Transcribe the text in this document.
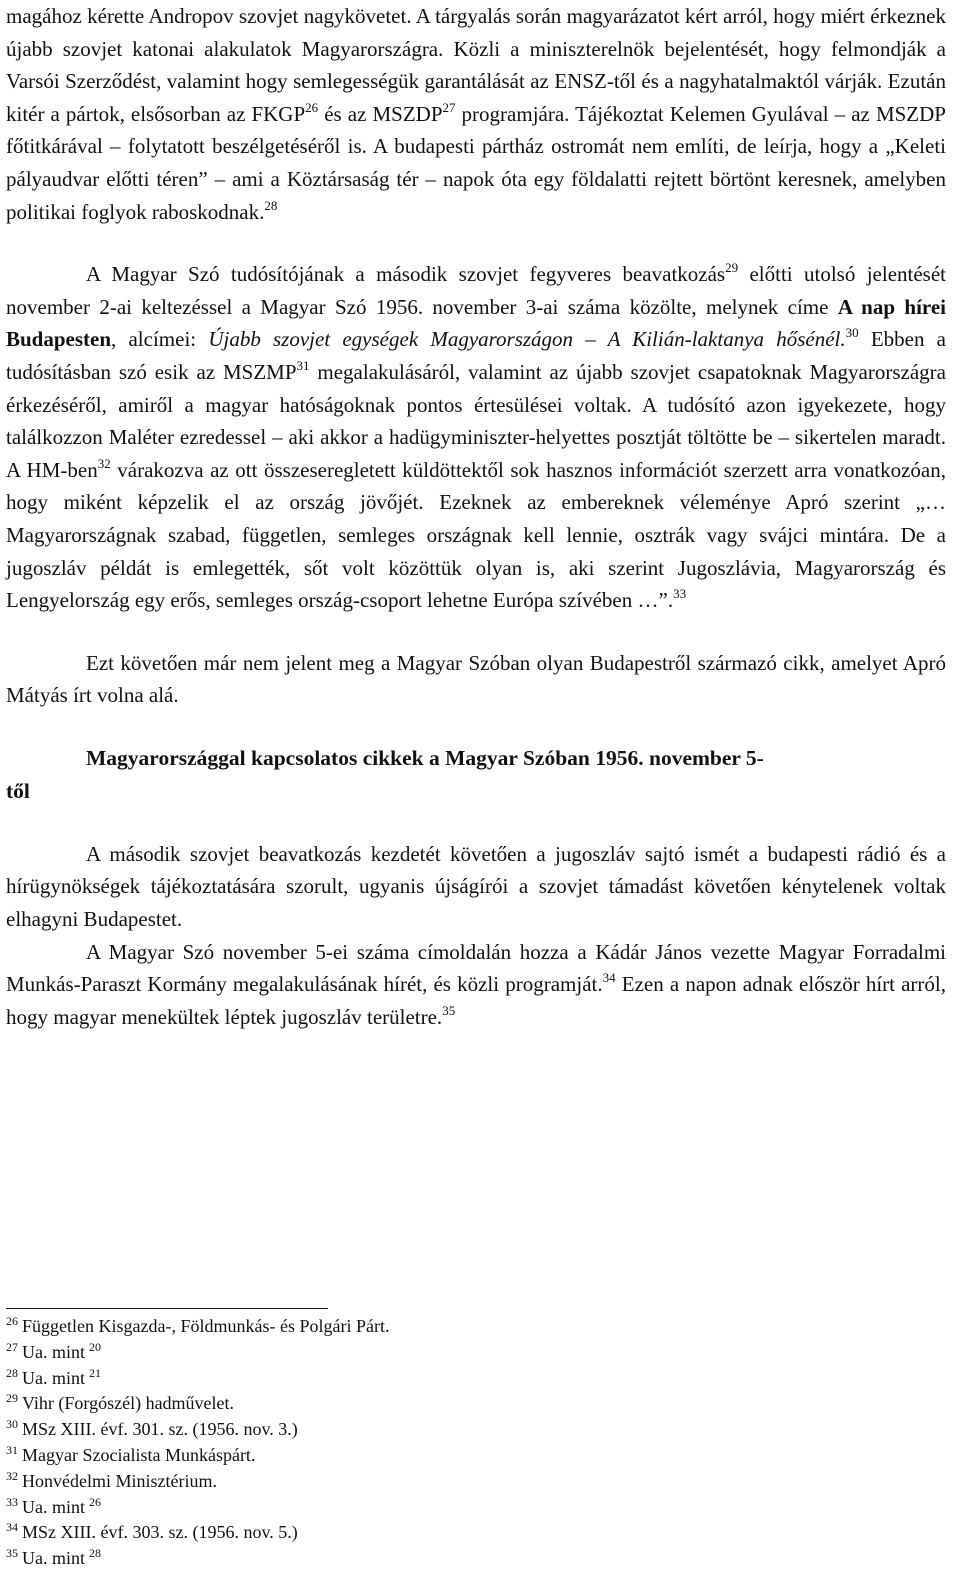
magához kérette Andropov szovjet nagykövetet. A tárgyalás során magyarázatot kért arról, hogy miért érkeznek újabb szovjet katonai alakulatok Magyarországra. Közli a miniszterelnök bejelentését, hogy felmondják a Varsói Szerződést, valamint hogy semlegességük garantálását az ENSZ-től és a nagyhatalmaktól várják. Ezután kitér a pártok, elsősorban az FKGP$^{26}$ és az MSZDP$^{27}$ programjára. Tájékoztat Kelemen Gyulával – az MSZDP főtitkárával – folytatott beszélgetéséről is. A budapesti pártház ostromát nem említi, de leírja, hogy a „Keleti pályaudvar előtti téren” – ami a Köztársaság tér – napok óta egy földalatti rejtett börtönt keresnek, amelyben politikai foglyok raboskodnak.$^{28}$

A Magyar Szó tudósítójának a második szovjet fegyveres beavatkozás$^{29}$ előtti utolsó jelentését november 2-ai keltezéssel a Magyar Szó 1956. november 3-ai száma közölte, melynek címe A nap hírei Budapesten, alcímei: Újabb szovjet egységek Magyarországon – A Kilián-laktanya hősénél.$^{30}$ Ebben a tudósításban szó esik az MSZMP$^{31}$ megalakulásáról, valamint az újabb szovjet csapatoknak Magyarországra érkezéséről, amiről a magyar hatóságoknak pontos értesülései voltak. A tudósító azon igyekezete, hogy találkozzon Maléter ezredessel – aki akkor a hadügyminiszter-helyettes posztját töltötte be – sikertelen maradt. A HM-ben$^{32}$ várakozva az ott összeseregletett küldöttektől sok hasznos információt szerzett arra vonatkozóan, hogy miként képzelik el az ország jövőjét. Ezeknek az embereknek véleménye Apró szerint „… Magyarországnak szabad, független, semleges országnak kell lennie, osztrák vagy svájci mintára. De a jugoszláv példát is emlegették, sőt volt közöttük olyan is, aki szerint Jugoszlávia, Magyarország és Lengyelország egy erős, semleges ország-csoport lehetne Európa szívében …”.$^{33}$

Ezt követően már nem jelent meg a Magyar Szóban olyan Budapestről származó cikk, amelyet Apró Mátyás írt volna alá.

Magyarországgal kapcsolatos cikkek a Magyar Szóban 1956. november 5-

től

A második szovjet beavatkozás kezdetét követően a jugoszláv sajtó ismét a budapesti rádió és a hírügynökségek tájékoztatására szorult, ugyanis újságírói a szovjet támadást követően kénytelenek voltak elhagyni Budapestet.

A Magyar Szó november 5-ei száma címoldalán hozza a Kádár János vezette Magyar Forradalmi Munkás-Paraszt Kormány megalakulásának hírét, és közli programját.$^{34}$ Ezen a napon adnak először hírt arról, hogy magyar menekültek léptek jugoszláv területre.$^{35}$

$^{26}$ Független Kisgazda-, Földmunkás- és Polgári Párt.

$^{27}$ Ua. mint $^{20}$

$^{28}$ Ua. mint $^{21}$

$^{29}$ Vihr (Forgószél) hadművelet.

$^{30}$ MSz XIII. évf. 301. sz. (1956. nov. 3.)

$^{31}$ Magyar Szocialista Munkáspárt.

$^{32}$ Honvédelmi Minisztérium.

$^{33}$ Ua. mint $^{26}$

$^{34}$ MSz XIII. évf. 303. sz. (1956. nov. 5.)

$^{35}$ Ua. mint $^{28}$
